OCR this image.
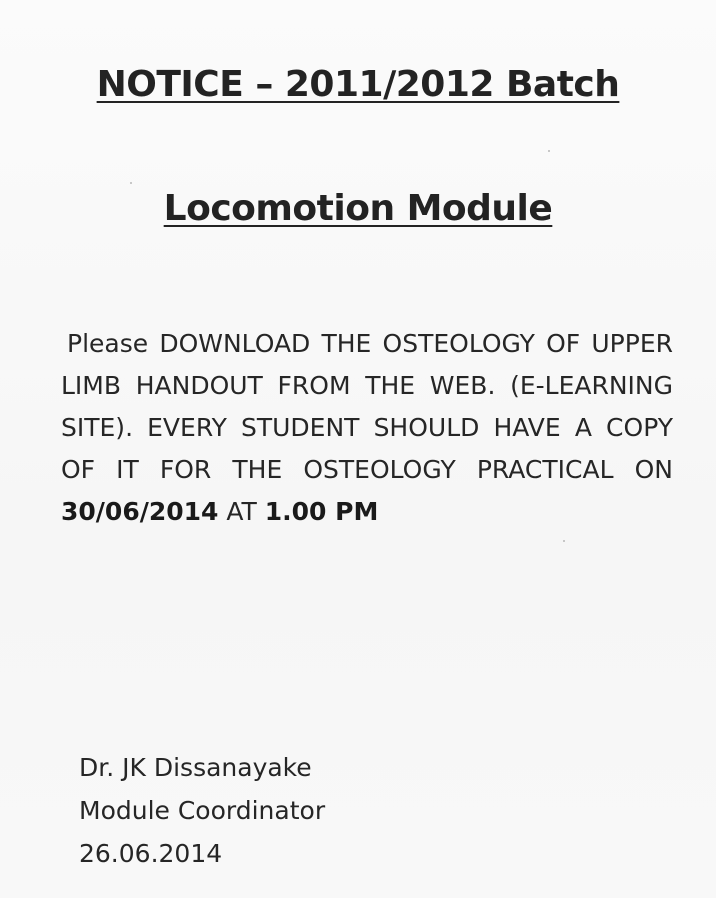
NOTICE – 2011/2012 Batch
Locomotion Module

Please DOWNLOAD THE OSTEOLOGY OF UPPER LIMB HANDOUT FROM THE WEB. (E-LEARNING SITE). EVERY STUDENT SHOULD HAVE A COPY OF IT FOR THE OSTEOLOGY PRACTICAL ON 30/06/2014 AT 1.00 PM

Dr. JK Dissanayake
Module Coordinator
26.06.2014
